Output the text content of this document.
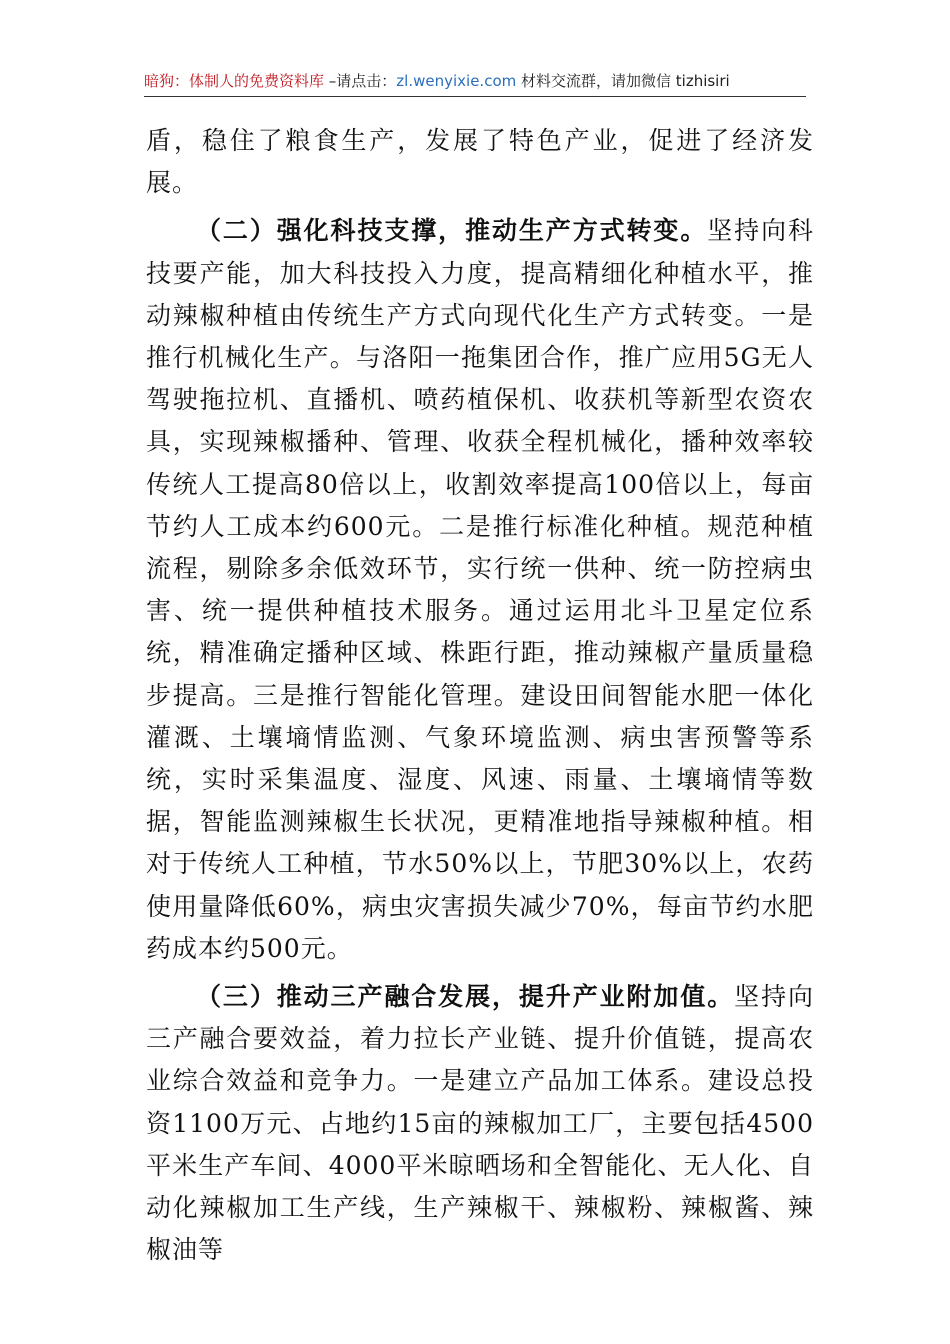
暗狗：体制人的免费资料库 –请点击：zl.wenyixie.com 材料交流群，请加微信 tizhisiri

盾，稳住了粮食生产，发展了特色产业，促进了经济发展。

（二）强化科技支撑，推动生产方式转变。坚持向科技要产能，加大科技投入力度，提高精细化种植水平，推动辣椒种植由传统生产方式向现代化生产方式转变。一是推行机械化生产。与洛阳一拖集团合作，推广应用5G无人驾驶拖拉机、直播机、喷药植保机、收获机等新型农资农具，实现辣椒播种、管理、收获全程机械化，播种效率较传统人工提高80倍以上，收割效率提高100倍以上，每亩节约人工成本约600元。二是推行标准化种植。规范种植流程，剔除多余低效环节，实行统一供种、统一防控病虫害、统一提供种植技术服务。通过运用北斗卫星定位系统，精准确定播种区域、株距行距，推动辣椒产量质量稳步提高。三是推行智能化管理。建设田间智能水肥一体化灌溉、土壤墒情监测、气象环境监测、病虫害预警等系统，实时采集温度、湿度、风速、雨量、土壤墒情等数据，智能监测辣椒生长状况，更精准地指导辣椒种植。相对于传统人工种植，节水50%以上，节肥30%以上，农药使用量降低60%，病虫灾害损失减少70%，每亩节约水肥药成本约500元。

（三）推动三产融合发展，提升产业附加值。坚持向三产融合要效益，着力拉长产业链、提升价值链，提高农业综合效益和竞争力。一是建立产品加工体系。建设总投资1100万元、占地约15亩的辣椒加工厂，主要包括4500平米生产车间、4000平米晾晒场和全智能化、无人化、自动化辣椒加工生产线，生产辣椒干、辣椒粉、辣椒酱、辣椒油等
